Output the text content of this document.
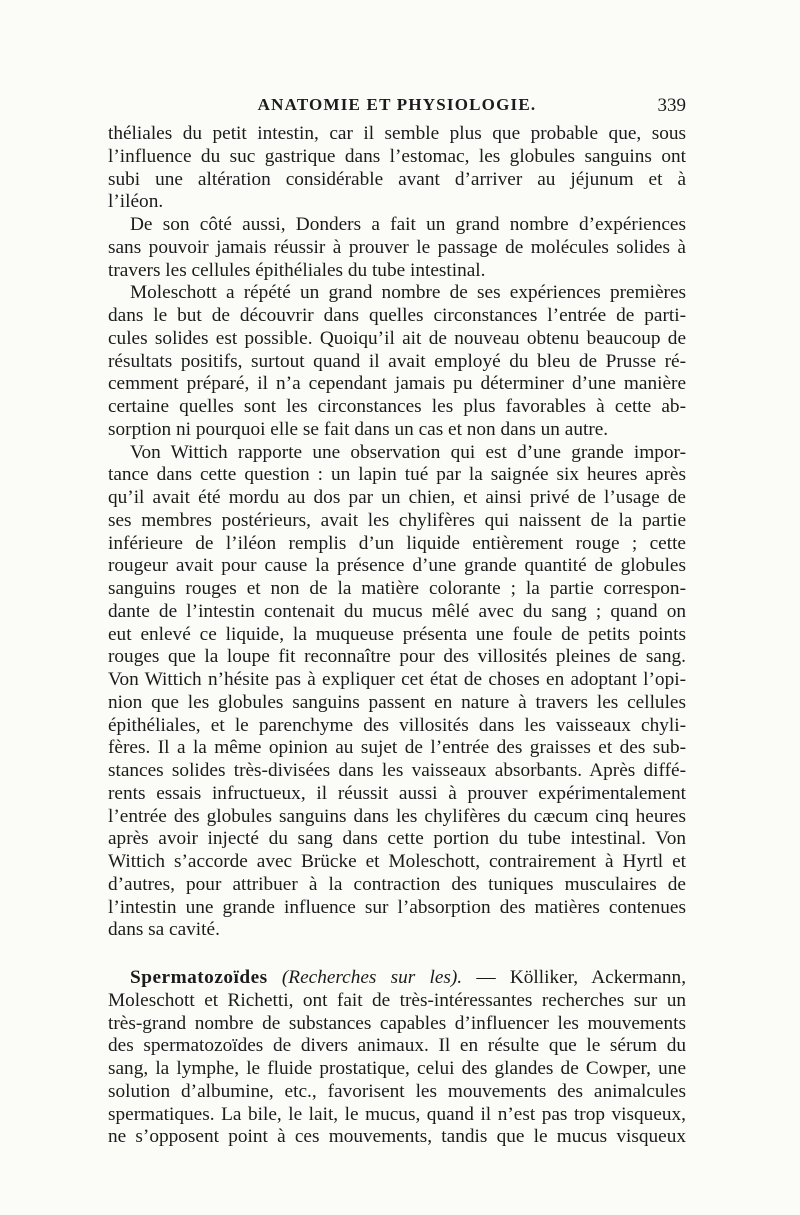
ANATOMIE ET PHYSIOLOGIE.	339
théliales du petit intestin, car il semble plus que probable que, sous
l’influence du suc gastrique dans l’estomac, les globules sanguins ont
subi une altération considérable avant d’arriver au jéjunum et à
l’iléon.
De son côté aussi, Donders a fait un grand nombre d’expériences
sans pouvoir jamais réussir à prouver le passage de molécules solides à
travers les cellules épithéliales du tube intestinal.
Moleschott a répété un grand nombre de ses expériences premières
dans le but de découvrir dans quelles circonstances l’entrée de parti-
cules solides est possible. Quoiqu’il ait de nouveau obtenu beaucoup de
résultats positifs, surtout quand il avait employé du bleu de Prusse ré-
cemment préparé, il n’a cependant jamais pu déterminer d’une manière
certaine quelles sont les circonstances les plus favorables à cette ab-
sorption ni pourquoi elle se fait dans un cas et non dans un autre.
Von Wittich rapporte une observation qui est d’une grande impor-
tance dans cette question : un lapin tué par la saignée six heures après
qu’il avait été mordu au dos par un chien, et ainsi privé de l’usage de
ses membres postérieurs, avait les chylifères qui naissent de la partie
inférieure de l’iléon remplis d’un liquide entièrement rouge ; cette
rougeur avait pour cause la présence d’une grande quantité de globules
sanguins rouges et non de la matière colorante ; la partie correspon-
dante de l’intestin contenait du mucus mêlé avec du sang ; quand on
eut enlevé ce liquide, la muqueuse présenta une foule de petits points
rouges que la loupe fit reconnaître pour des villosités pleines de sang.
Von Wittich n’hésite pas à expliquer cet état de choses en adoptant l’opi-
nion que les globules sanguins passent en nature à travers les cellules
épithéliales, et le parenchyme des villosités dans les vaisseaux chyli-
fères. Il a la même opinion au sujet de l’entrée des graisses et des sub-
stances solides très-divisées dans les vaisseaux absorbants. Après diffé-
rents essais infructueux, il réussit aussi à prouver expérimentalement
l’entrée des globules sanguins dans les chylifères du cæcum cinq heures
après avoir injecté du sang dans cette portion du tube intestinal. Von
Wittich s’accorde avec Brücke et Moleschott, contrairement à Hyrtl et
d’autres, pour attribuer à la contraction des tuniques musculaires de
l’intestin une grande influence sur l’absorption des matières contenues
dans sa cavité.
Spermatozoïdes (Recherches sur les). — Kölliker, Ackermann,
Moleschott et Richetti, ont fait de très-intéressantes recherches sur un
très-grand nombre de substances capables d’influencer les mouvements
des spermatozoïdes de divers animaux. Il en résulte que le sérum du
sang, la lymphe, le fluide prostatique, celui des glandes de Cowper, une
solution d’albumine, etc., favorisent les mouvements des animalcules
spermatiques. La bile, le lait, le mucus, quand il n’est pas trop visqueux,
ne s’opposent point à ces mouvements, tandis que le mucus visqueux
